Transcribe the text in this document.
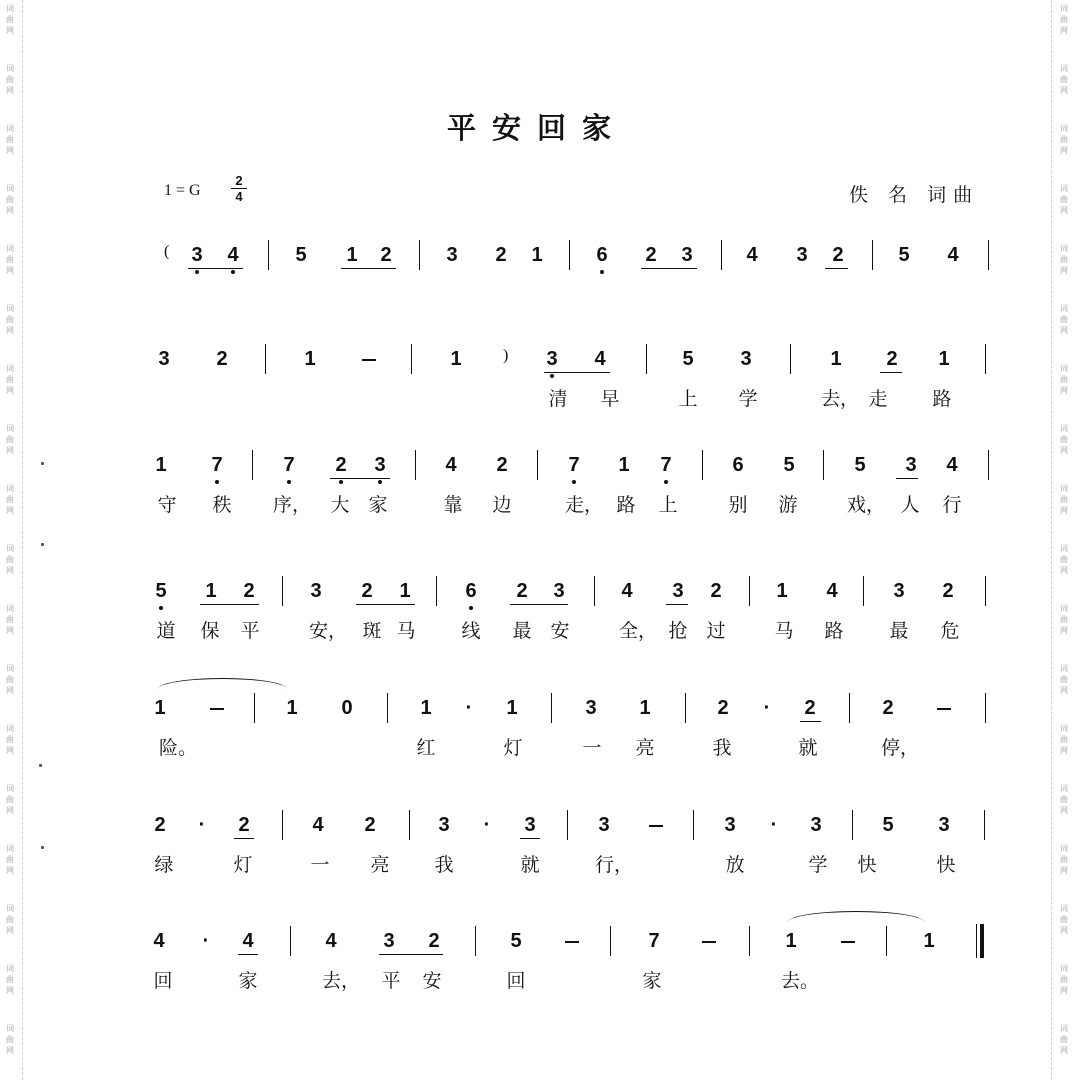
词
曲
网
词
曲
网
词
曲
网
词
曲
网
词
曲
网
词
曲
网
词
曲
网
词
曲
网
词
曲
网
词
曲
网
词
曲
网
词
曲
网
词
曲
网
词
曲
网
词
曲
网
词
曲
网
词
曲
网
词
曲
网
词
曲
网
词
曲
网
词
曲
网
词
曲
网
词
曲
网
词
曲
网
词
曲
网
词
曲
网
词
曲
网
词
曲
网
词
曲
网
词
曲
网
词
曲
网
词
曲
网
词
曲
网
词
曲
网
词
曲
网
词
曲
网
平安回家
1 = G
2
4	佚 名 词曲
( 3 4	5 1 2	3 2 1	6 2 3	4 3 2	5 4
3 2	1	1	) 3 4	5 3	1 2 1
清 早	上 学	去， 走 路
1 7	7 2 3	4 2	7 1 7	6 5	5 3 4
守 秩 序， 大 家	靠 边	走， 路 上	别 游	戏， 人 行
5 1 2	3 2 1	6 2 3	4 3 2	1 4	3 2
道 保 平	安， 斑 马 线 最 安	全， 抢 过	马 路 最 危
1	1 0	1 · 1	3 1	2 · 2	2
险。	红	灯	一 亮	我	就	停，
2 · 2	4 2	3 · 3	3	3 · 3	5 3
绿	灯	一 亮 我	就	行，	放	学 快	快
4 · 4	4 3 2	5	7	1	1
回	家	去， 平 安	回	家	去。
